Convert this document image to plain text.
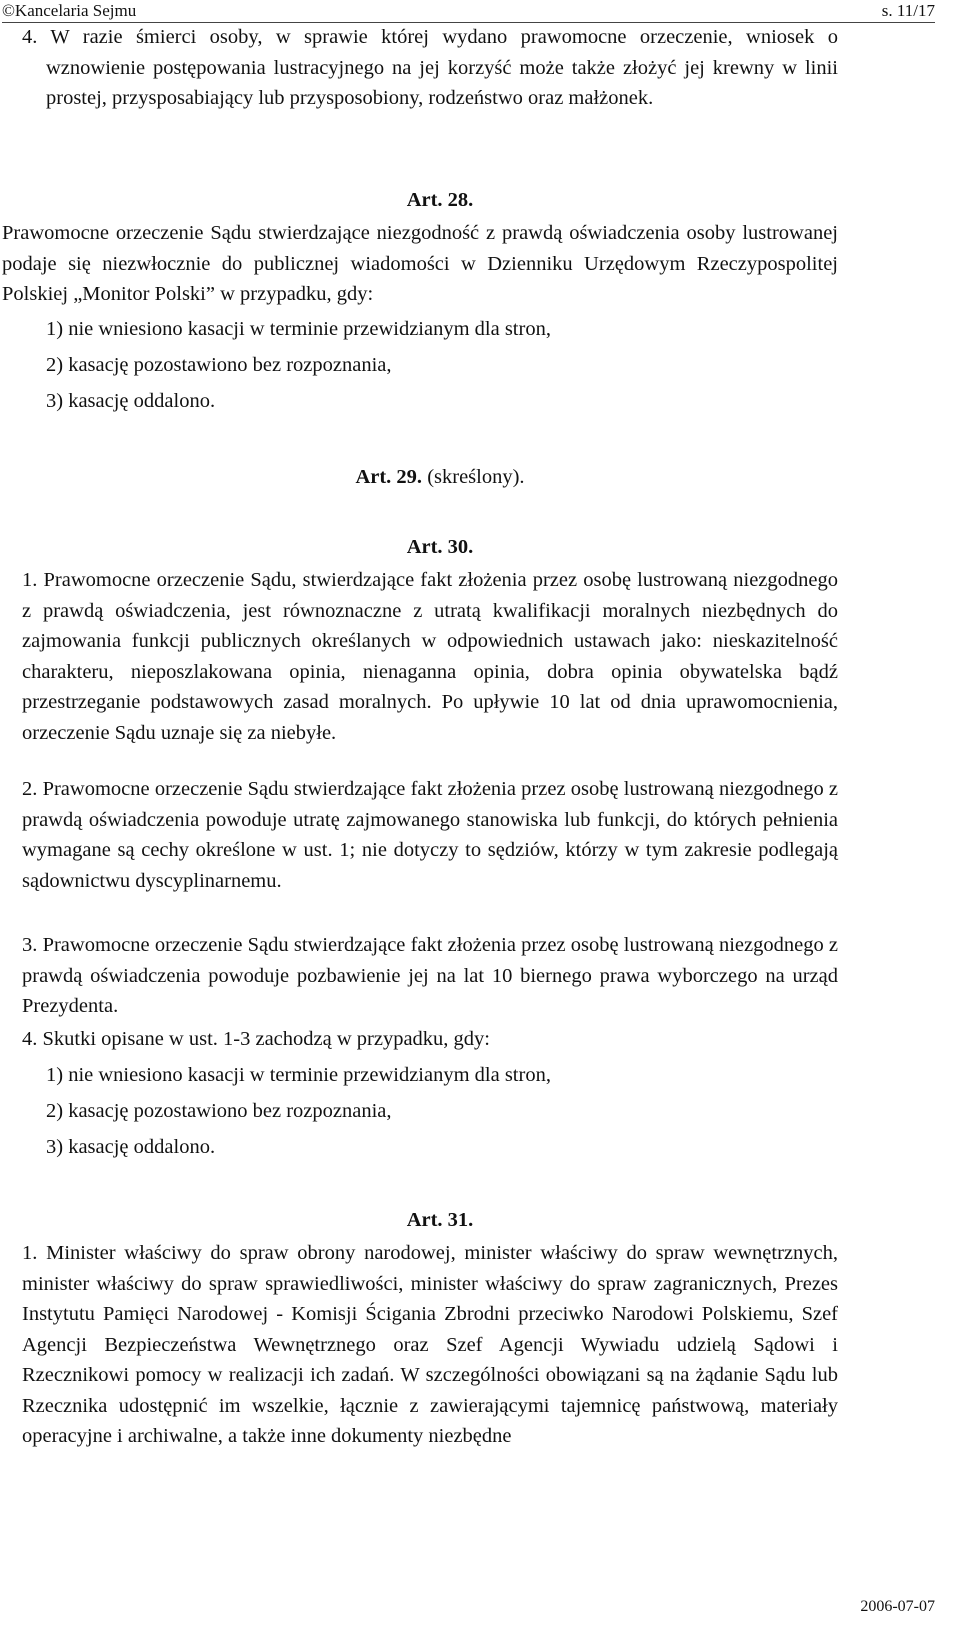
©Kancelaria Sejmu	s. 11/17
4. W razie śmierci osoby, w sprawie której wydano prawomocne orzeczenie, wniosek o wznowienie postępowania lustracyjnego na jej korzyść może także złożyć jej krewny w linii prostej, przysposabiający lub przysposobiony, rodzeństwo oraz małżonek.
Art. 28.
Prawomocne orzeczenie Sądu stwierdzające niezgodność z prawdą oświadczenia osoby lustrowanej podaje się niezwłocznie do publicznej wiadomości w Dzienniku Urzędowym Rzeczypospolitej Polskiej „Monitor Polski” w przypadku, gdy:
1) nie wniesiono kasacji w terminie przewidzianym dla stron,
2) kasację pozostawiono bez rozpoznania,
3) kasację oddalono.
Art. 29. (skreślony).
Art. 30.
1. Prawomocne orzeczenie Sądu, stwierdzające fakt złożenia przez osobę lustrowaną niezgodnego z prawdą oświadczenia, jest równoznaczne z utratą kwalifikacji moralnych niezbędnych do zajmowania funkcji publicznych określanych w odpowiednich ustawach jako: nieskazitelność charakteru, nieposzlakowana opinia, nienaganna opinia, dobra opinia obywatelska bądź przestrzeganie podstawowych zasad moralnych. Po upływie 10 lat od dnia uprawomocnienia, orzeczenie Sądu uznaje się za niebyłe.
2. Prawomocne orzeczenie Sądu stwierdzające fakt złożenia przez osobę lustrowaną niezgodnego z prawdą oświadczenia powoduje utratę zajmowanego stanowiska lub funkcji, do których pełnienia wymagane są cechy określone w ust. 1; nie dotyczy to sędziów, którzy w tym zakresie podlegają sądownictwu dyscyplinarnemu.
3. Prawomocne orzeczenie Sądu stwierdzające fakt złożenia przez osobę lustrowaną niezgodnego z prawdą oświadczenia powoduje pozbawienie jej na lat 10 biernego prawa wyborczego na urząd Prezydenta.
4. Skutki opisane w ust. 1-3 zachodzą w przypadku, gdy:
1) nie wniesiono kasacji w terminie przewidzianym dla stron,
2) kasację pozostawiono bez rozpoznania,
3) kasację oddalono.
Art. 31.
1. Minister właściwy do spraw obrony narodowej, minister właściwy do spraw wewnętrznych, minister właściwy do spraw sprawiedliwości, minister właściwy do spraw zagranicznych, Prezes Instytutu Pamięci Narodowej - Komisji Ścigania Zbrodni przeciwko Narodowi Polskiemu, Szef Agencji Bezpieczeństwa Wewnętrznego oraz Szef Agencji Wywiadu udzielą Sądowi i Rzecznikowi pomocy w realizacji ich zadań. W szczególności obowiązani są na żądanie Sądu lub Rzecznika udostępnić im wszelkie, łącznie z zawierającymi tajemnicę państwową, materiały operacyjne i archiwalne, a także inne dokumenty niezbędne
2006-07-07
